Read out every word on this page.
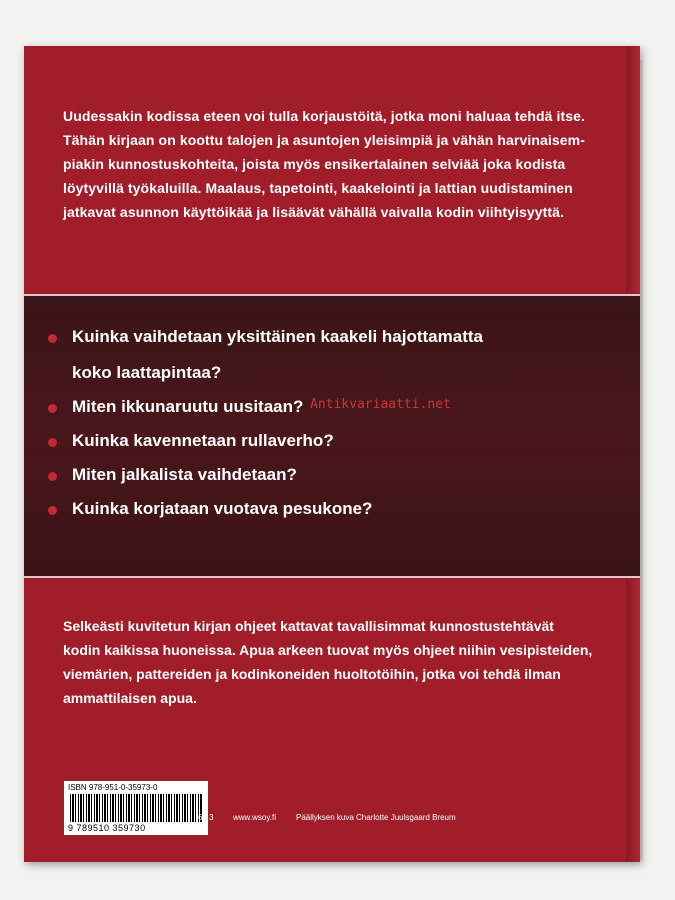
Uudessakin kodissa eteen voi tulla korjaustöitä, jotka moni haluaa tehdä itse.
Tähän kirjaan on koottu talojen ja asuntojen yleisimpiä ja vähän harvinaisem-
piakin kunnostuskohteita, joista myös ensikertalainen selviää joka kodista
löytyvillä työkaluilla. Maalaus, tapetointi, kaakelointi ja lattian uudistaminen
jatkavat asunnon käyttöikää ja lisäävät vähällä vaivalla kodin viihtyisyyttä.
Kuinka vaihdetaan yksittäinen kaakeli hajottamatta
koko laattapintaa?
Miten ikkunaruutu uusitaan?
Kuinka kavennetaan rullaverho?
Miten jalkalista vaihdetaan?
Kuinka korjataan vuotava pesukone?
Selkeästi kuvitetun kirjan ohjeet kattavat tavallisimmat kunnostustehtävät
kodin kaikissa huoneissa. Apua arkeen tuovat myös ohjeet niihin vesipisteiden,
viemärien, pattereiden ja kodinkoneiden huoltotöihin, jotka voi tehdä ilman
ammattilaisen apua.
ISBN 978-951-0-35973-0
9 789510 359730
68.3 www.wsoy.fi	Päällyksen kuva Charlotte Juulsgaard Breum
Antikvariaatti.net
